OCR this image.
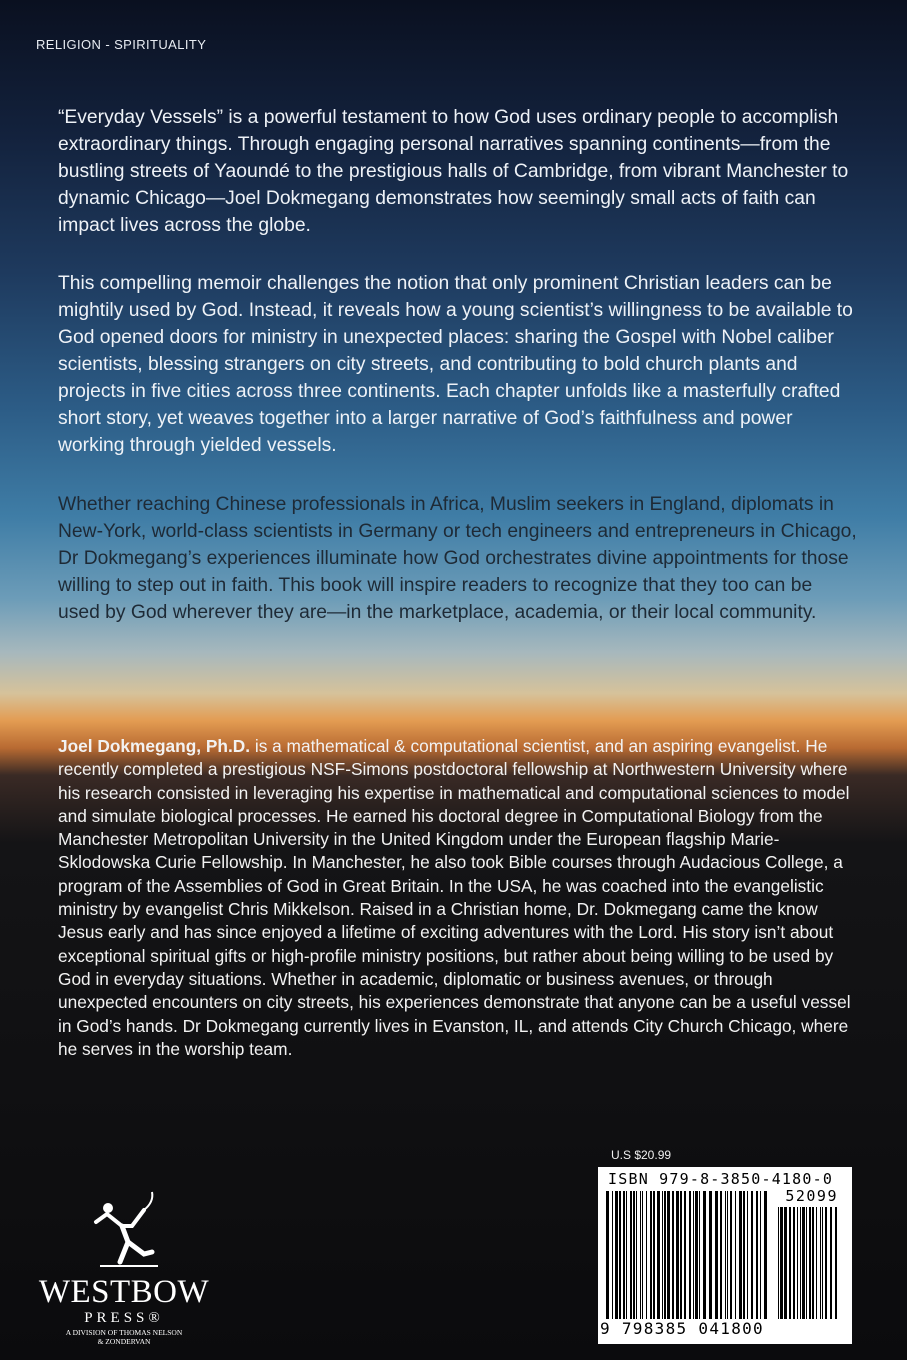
RELIGION - SPIRITUALITY

“Everyday Vessels” is a powerful testament to how God uses ordinary people to accomplish extraordinary things. Through engaging personal narratives spanning continents—from the bustling streets of Yaoundé to the prestigious halls of Cambridge, from vibrant Manchester to dynamic Chicago—Joel Dokmegang demonstrates how seemingly small acts of faith can impact lives across the globe.

This compelling memoir challenges the notion that only prominent Christian leaders can be mightily used by God. Instead, it reveals how a young scientist’s willingness to be available to God opened doors for ministry in unexpected places: sharing the Gospel with Nobel caliber scientists, blessing strangers on city streets, and contributing to bold church plants and projects in five cities across three continents. Each chapter unfolds like a masterfully crafted short story, yet weaves together into a larger narrative of God’s faithfulness and power working through yielded vessels.

Whether reaching Chinese professionals in Africa, Muslim seekers in England, diplomats in New-York, world-class scientists in Germany or tech engineers and entrepreneurs in Chicago, Dr Dokmegang’s experiences illuminate how God orchestrates divine appointments for those willing to step out in faith. This book will inspire readers to recognize that they too can be used by God wherever they are—in the marketplace, academia, or their local community.

Joel Dokmegang, Ph.D. is a mathematical & computational scientist, and an aspiring evangelist. He recently completed a prestigious NSF-Simons postdoctoral fellowship at Northwestern University where his research consisted in leveraging his expertise in mathematical and computational sciences to model and simulate biological processes. He earned his doctoral degree in Computational Biology from the Manchester Metropolitan University in the United Kingdom under the European flagship Marie-Sklodowska Curie Fellowship. In Manchester, he also took Bible courses through Audacious College, a program of the Assemblies of God in Great Britain. In the USA, he was coached into the evangelistic ministry by evangelist Chris Mikkelson. Raised in a Christian home, Dr. Dokmegang came the know Jesus early and has since enjoyed a lifetime of exciting adventures with the Lord. His story isn’t about exceptional spiritual gifts or high-profile ministry positions, but rather about being willing to be used by God in everyday situations. Whether in academic, diplomatic or business avenues, or through unexpected encounters on city streets, his experiences demonstrate that anyone can be a useful vessel in God’s hands. Dr Dokmegang currently lives in Evanston, IL, and attends City Church Chicago, where he serves in the worship team.

U.S $20.99
ISBN 979-8-3850-4180-0
52099
9 798385 041800
WESTBOW
PRESS®
A DIVISION OF THOMAS NELSON
& ZONDERVAN
